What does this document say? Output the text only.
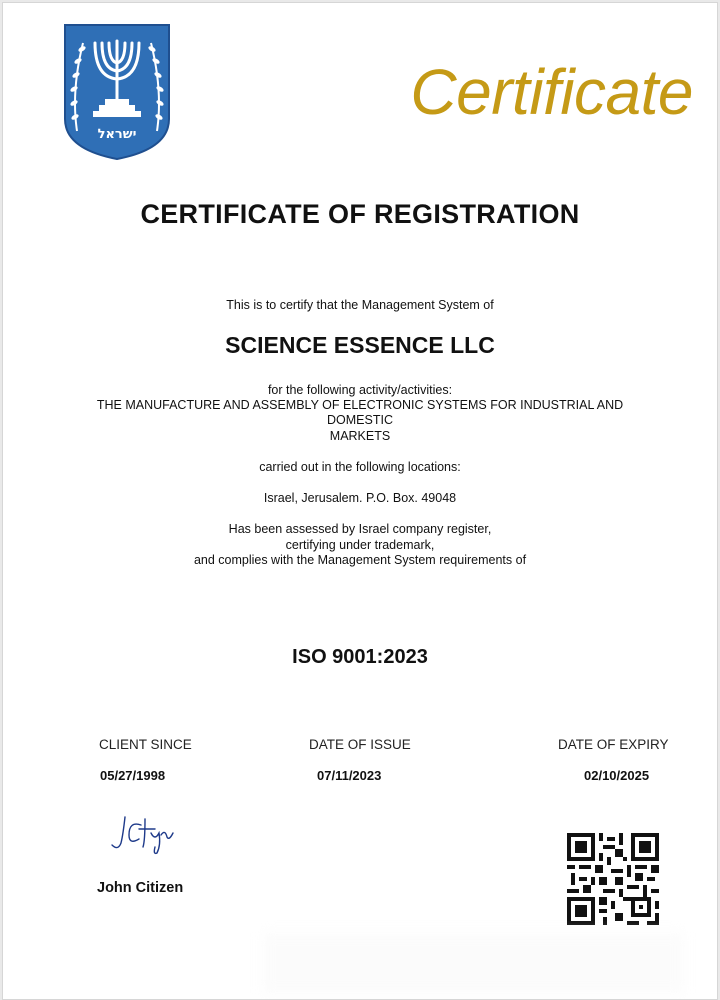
ישראל
Certificate
CERTIFICATE OF REGISTRATION
This is to certify that the Management System of
SCIENCE ESSENCE LLC
for the following activity/activities:
THE MANUFACTURE AND ASSEMBLY OF ELECTRONIC SYSTEMS FOR INDUSTRIAL AND
DOMESTIC
MARKETS
carried out in the following locations:
Israel, Jerusalem. P.O. Box. 49048
Has been assessed by Israel company register,
certifying under trademark,
and complies with the Management System requirements of
ISO 9001:2023
CLIENT SINCE	DATE OF ISSUE	DATE OF EXPIRY
05/27/1998	07/11/2023	02/10/2025
John Citizen
